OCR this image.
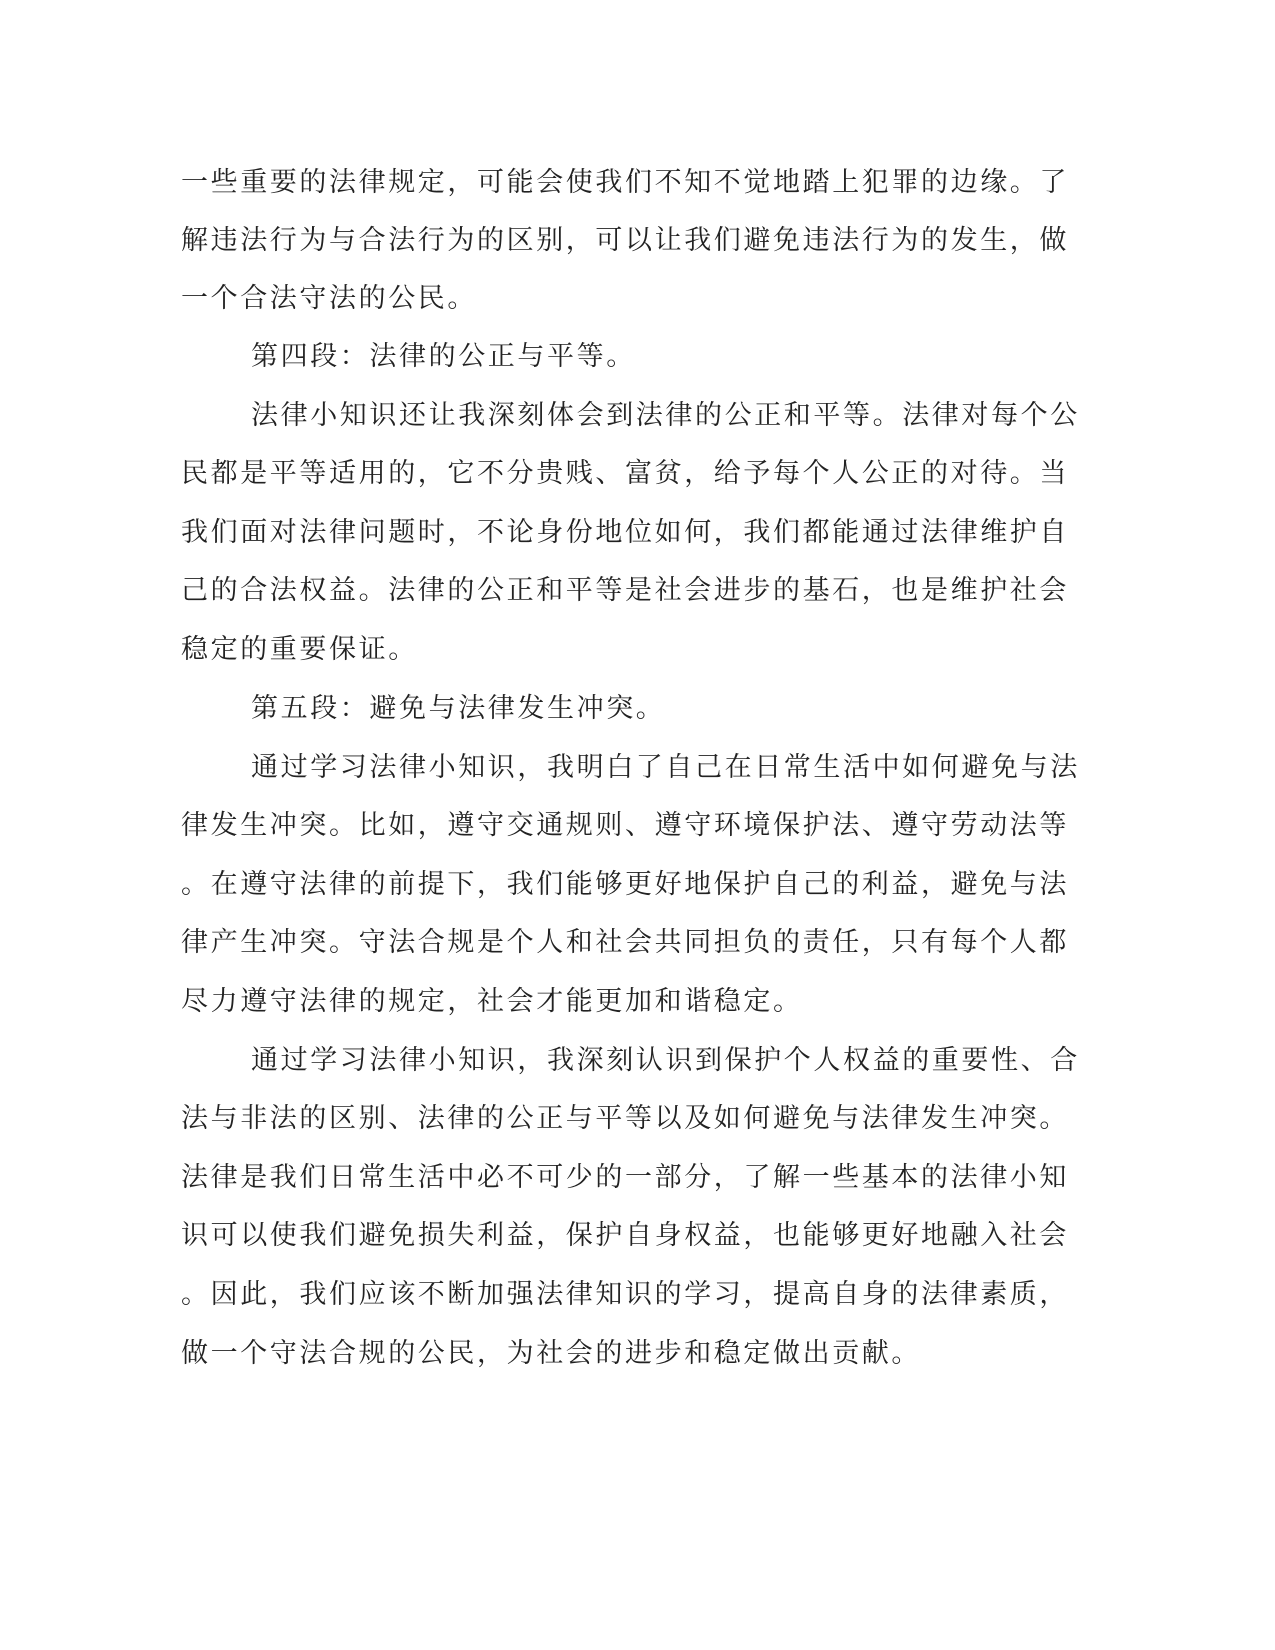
一些重要的法律规定，可能会使我们不知不觉地踏上犯罪的边缘。了
解违法行为与合法行为的区别，可以让我们避免违法行为的发生，做
一个合法守法的公民。
第四段：法律的公正与平等。
法律小知识还让我深刻体会到法律的公正和平等。法律对每个公
民都是平等适用的，它不分贵贱、富贫，给予每个人公正的对待。当
我们面对法律问题时，不论身份地位如何，我们都能通过法律维护自
己的合法权益。法律的公正和平等是社会进步的基石，也是维护社会
稳定的重要保证。
第五段：避免与法律发生冲突。
通过学习法律小知识，我明白了自己在日常生活中如何避免与法
律发生冲突。比如，遵守交通规则、遵守环境保护法、遵守劳动法等
。在遵守法律的前提下，我们能够更好地保护自己的利益，避免与法
律产生冲突。守法合规是个人和社会共同担负的责任，只有每个人都
尽力遵守法律的规定，社会才能更加和谐稳定。
通过学习法律小知识，我深刻认识到保护个人权益的重要性、合
法与非法的区别、法律的公正与平等以及如何避免与法律发生冲突。
法律是我们日常生活中必不可少的一部分，了解一些基本的法律小知
识可以使我们避免损失利益，保护自身权益，也能够更好地融入社会
。因此，我们应该不断加强法律知识的学习，提高自身的法律素质，
做一个守法合规的公民，为社会的进步和稳定做出贡献。
